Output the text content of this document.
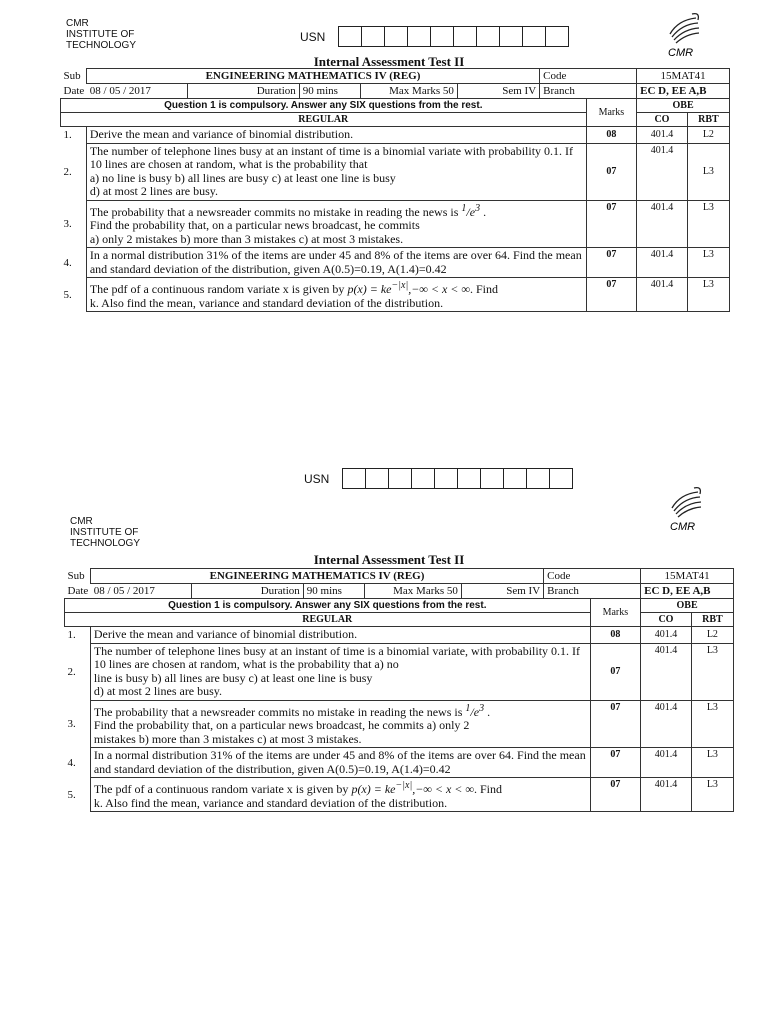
CMR
INSTITUTE OF
TECHNOLOGY
USN
CMR
Internal Assessment Test II
Sub	ENGINEERING MATHEMATICS IV (REG)					Code		15MAT41	
Date 08 / 05 / 2017		Duration	90 mins	Max Marks 50	Sem IV	Branch		EC D, EE A,B	
Question 1 is compulsory. Answer any SIX questions from the rest.							Marks	OBE	
REGULAR								CO	RBT
1.	Derive the mean and variance of binomial distribution.						08	401.4	L2
2.	The number of telephone lines busy at an instant of time is a binomial variate with probability 0.1. If 10 lines are chosen at random, what is the probability that
a) no line is busy b) all lines are busy c) at least one line is busy
d) at most 2 lines are busy.						07	401.4	L3
3.	The probability that a newsreader commits no mistake in reading the news is $^1/e^3$ .
Find the probability that, on a particular news broadcast, he commits
a) only 2 mistakes b) more than 3 mistakes c) at most 3 mistakes.						07	401.4	L3
4.	In a normal distribution 31% of the items are under 45 and 8% of the items are over 64. Find the mean and standard deviation of the distribution, given A(0.5)=0.19, A(1.4)=0.42						07	401.4	L3
5.	The pdf of a continuous random variate x is given by $p(x) = ke^{-|x|},-\infty < x$ < ∞. Find
k. Also find the mean, variance and standard deviation of the distribution.						07	401.4	L3
CMR
INSTITUTE OF
TECHNOLOGY
USN
CMR
Internal Assessment Test II
Sub	ENGINEERING MATHEMATICS IV (REG)					Code		15MAT41	
Date 08 / 05 / 2017		Duration	90 mins	Max Marks 50	Sem IV	Branch		EC D, EE A,B	
Question 1 is compulsory. Answer any SIX questions from the rest.							Marks	OBE	
REGULAR								CO	RBT
1.	Derive the mean and variance of binomial distribution.						08	401.4	L2
2.	The number of telephone lines busy at an instant of time is a binomial variate, with probability 0.1. If 10 lines are chosen at random, what is the probability that a) no
line is busy b) all lines are busy c) at least one line is busy
d) at most 2 lines are busy.						07	401.4	L3
3.	The probability that a newsreader commits no mistake in reading the news is $^1/e^3$ .
Find the probability that, on a particular news broadcast, he commits a) only 2
mistakes b) more than 3 mistakes c) at most 3 mistakes.						07	401.4	L3
4.	In a normal distribution 31% of the items are under 45 and 8% of the items are over 64. Find the mean and standard deviation of the distribution, given A(0.5)=0.19, A(1.4)=0.42						07	401.4	L3
5.	The pdf of a continuous random variate x is given by $p(x) = ke^{-|x|},-\infty < x$ < ∞. Find
k. Also find the mean, variance and standard deviation of the distribution.						07	401.4	L3
